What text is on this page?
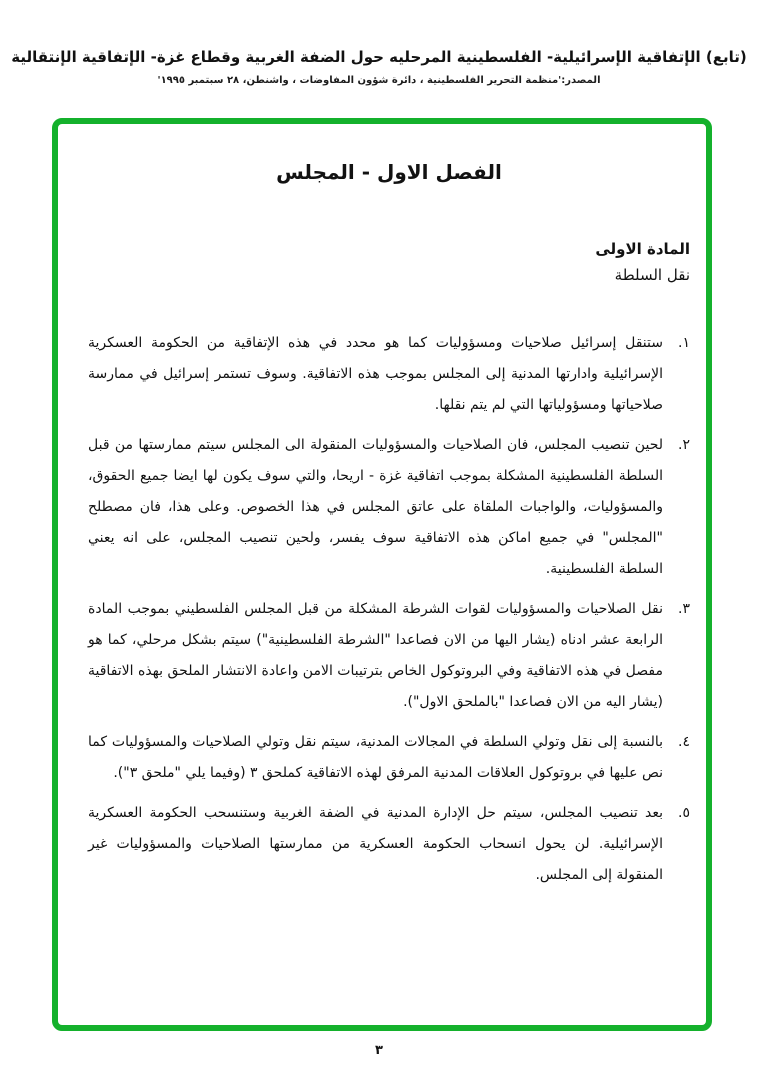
(تابع) الإتفاقية الإسرائيلية- الفلسطينية المرحليه حول الضفة الغربية وقطاع غزة- الإتفاقية الإنتقالية
المصدر:'منظمة التحرير الفلسطينية ، دائرة شؤون المفاوضات ، واشنطن، ٢٨ سبتمبر ١٩٩٥'
الفصل الاول - المجلس
المادة الاولى
نقل السلطة

١.ستنقل إسرائيل صلاحيات ومسؤوليات كما هو محدد في هذه الإتفاقية من الحكومة العسكرية الإسرائيلية وادارتها المدنية إلى المجلس بموجب هذه الاتفاقية. وسوف تستمر إسرائيل في ممارسة صلاحياتها ومسؤولياتها التي لم يتم نقلها.

٢.لحين تنصيب المجلس، فان الصلاحيات والمسؤوليات المنقولة الى المجلس سيتم ممارستها من قبل السلطة الفلسطينية المشكلة بموجب اتفاقية غزة - اريحا، والتي سوف يكون لها ايضا جميع الحقوق، والمسؤوليات، والواجبات الملقاة على عاتق المجلس في هذا الخصوص. وعلى هذا، فان مصطلح "المجلس" في جميع اماكن هذه الاتفاقية سوف يفسر، ولحين تنصيب المجلس، على انه يعني السلطة الفلسطينية.

٣.نقل الصلاحيات والمسؤوليات لقوات الشرطة المشكلة من قبل المجلس الفلسطيني بموجب المادة الرابعة عشر ادناه (يشار اليها من الان فصاعدا "الشرطة الفلسطينية") سيتم بشكل مرحلي، كما هو مفصل في هذه الاتفاقية وفي البروتوكول الخاص بترتيبات الامن واعادة الانتشار الملحق بهذه الاتفاقية (يشار اليه من الان فصاعدا "بالملحق الاول").

٤.بالنسبة إلى نقل وتولي السلطة في المجالات المدنية، سيتم نقل وتولي الصلاحيات والمسؤوليات كما نص عليها في بروتوكول العلاقات المدنية المرفق لهذه الاتفاقية كملحق ٣ (وفيما يلي "ملحق ٣").

٥.بعد تنصيب المجلس، سيتم حل الإدارة المدنية في الضفة الغربية وستنسحب الحكومة العسكرية الإسرائيلية. لن يحول انسحاب الحكومة العسكرية من ممارستها الصلاحيات والمسؤوليات غير المنقولة إلى المجلس.

٣
